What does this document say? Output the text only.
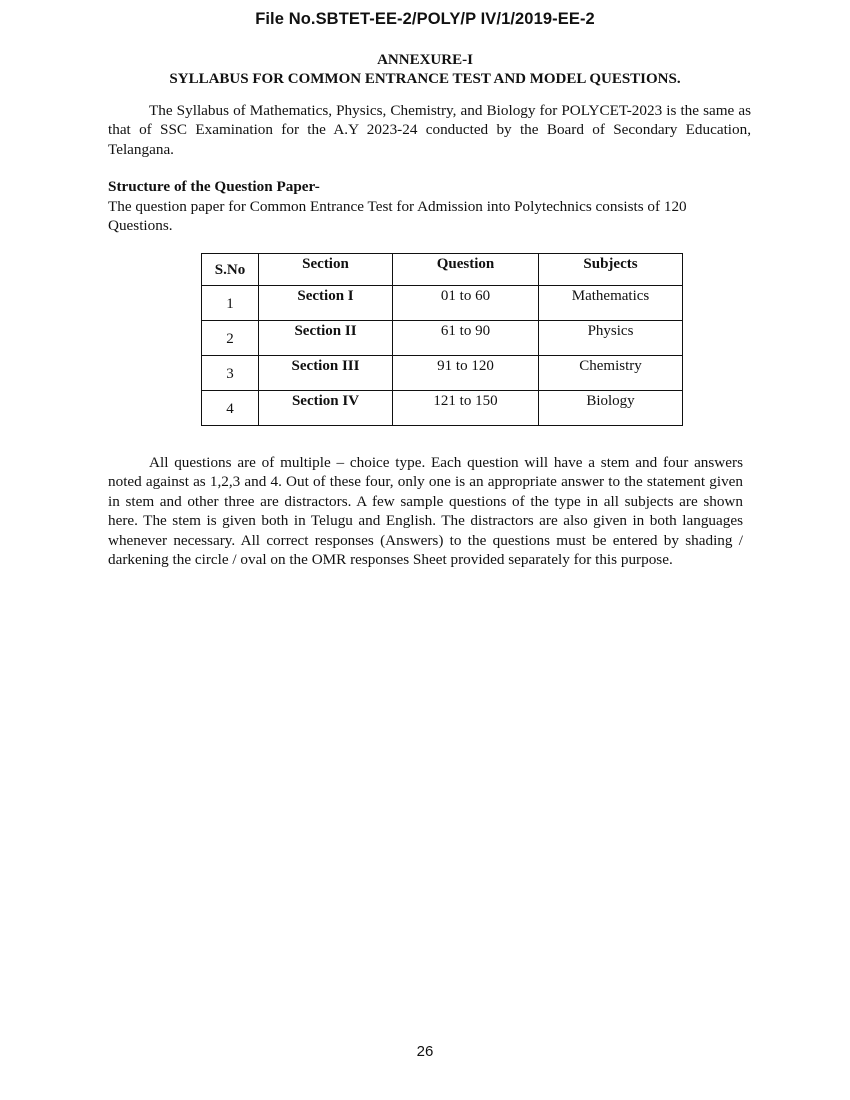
File No.SBTET-EE-2/POLY/P IV/1/2019-EE-2
ANNEXURE-I
SYLLABUS FOR COMMON ENTRANCE TEST AND MODEL QUESTIONS.

The Syllabus of Mathematics, Physics, Chemistry, and Biology for POLYCET-2023 is the same as that of SSC Examination for the A.Y 2023-24 conducted by the Board of Secondary Education, Telangana.

Structure of the Question Paper-

The question paper for Common Entrance Test for Admission into Polytechnics consists of 120 Questions.

S.No	Section	Question	Subjects

1	Section I	01 to 60	Mathematics

2	Section II	61 to 90	Physics

3	Section III	91 to 120	Chemistry

4	Section IV	121 to 150	Biology

All questions are of multiple – choice type. Each question will have a stem and four answers noted against as 1,2,3 and 4. Out of these four, only one is an appropriate answer to the statement given in stem and other three are distractors. A few sample questions of the type in all subjects are shown here. The stem is given both in Telugu and English. The distractors are also given in both languages whenever necessary. All correct responses (Answers) to the questions must be entered by shading / darkening the circle / oval on the OMR responses Sheet provided separately for this purpose.

26
